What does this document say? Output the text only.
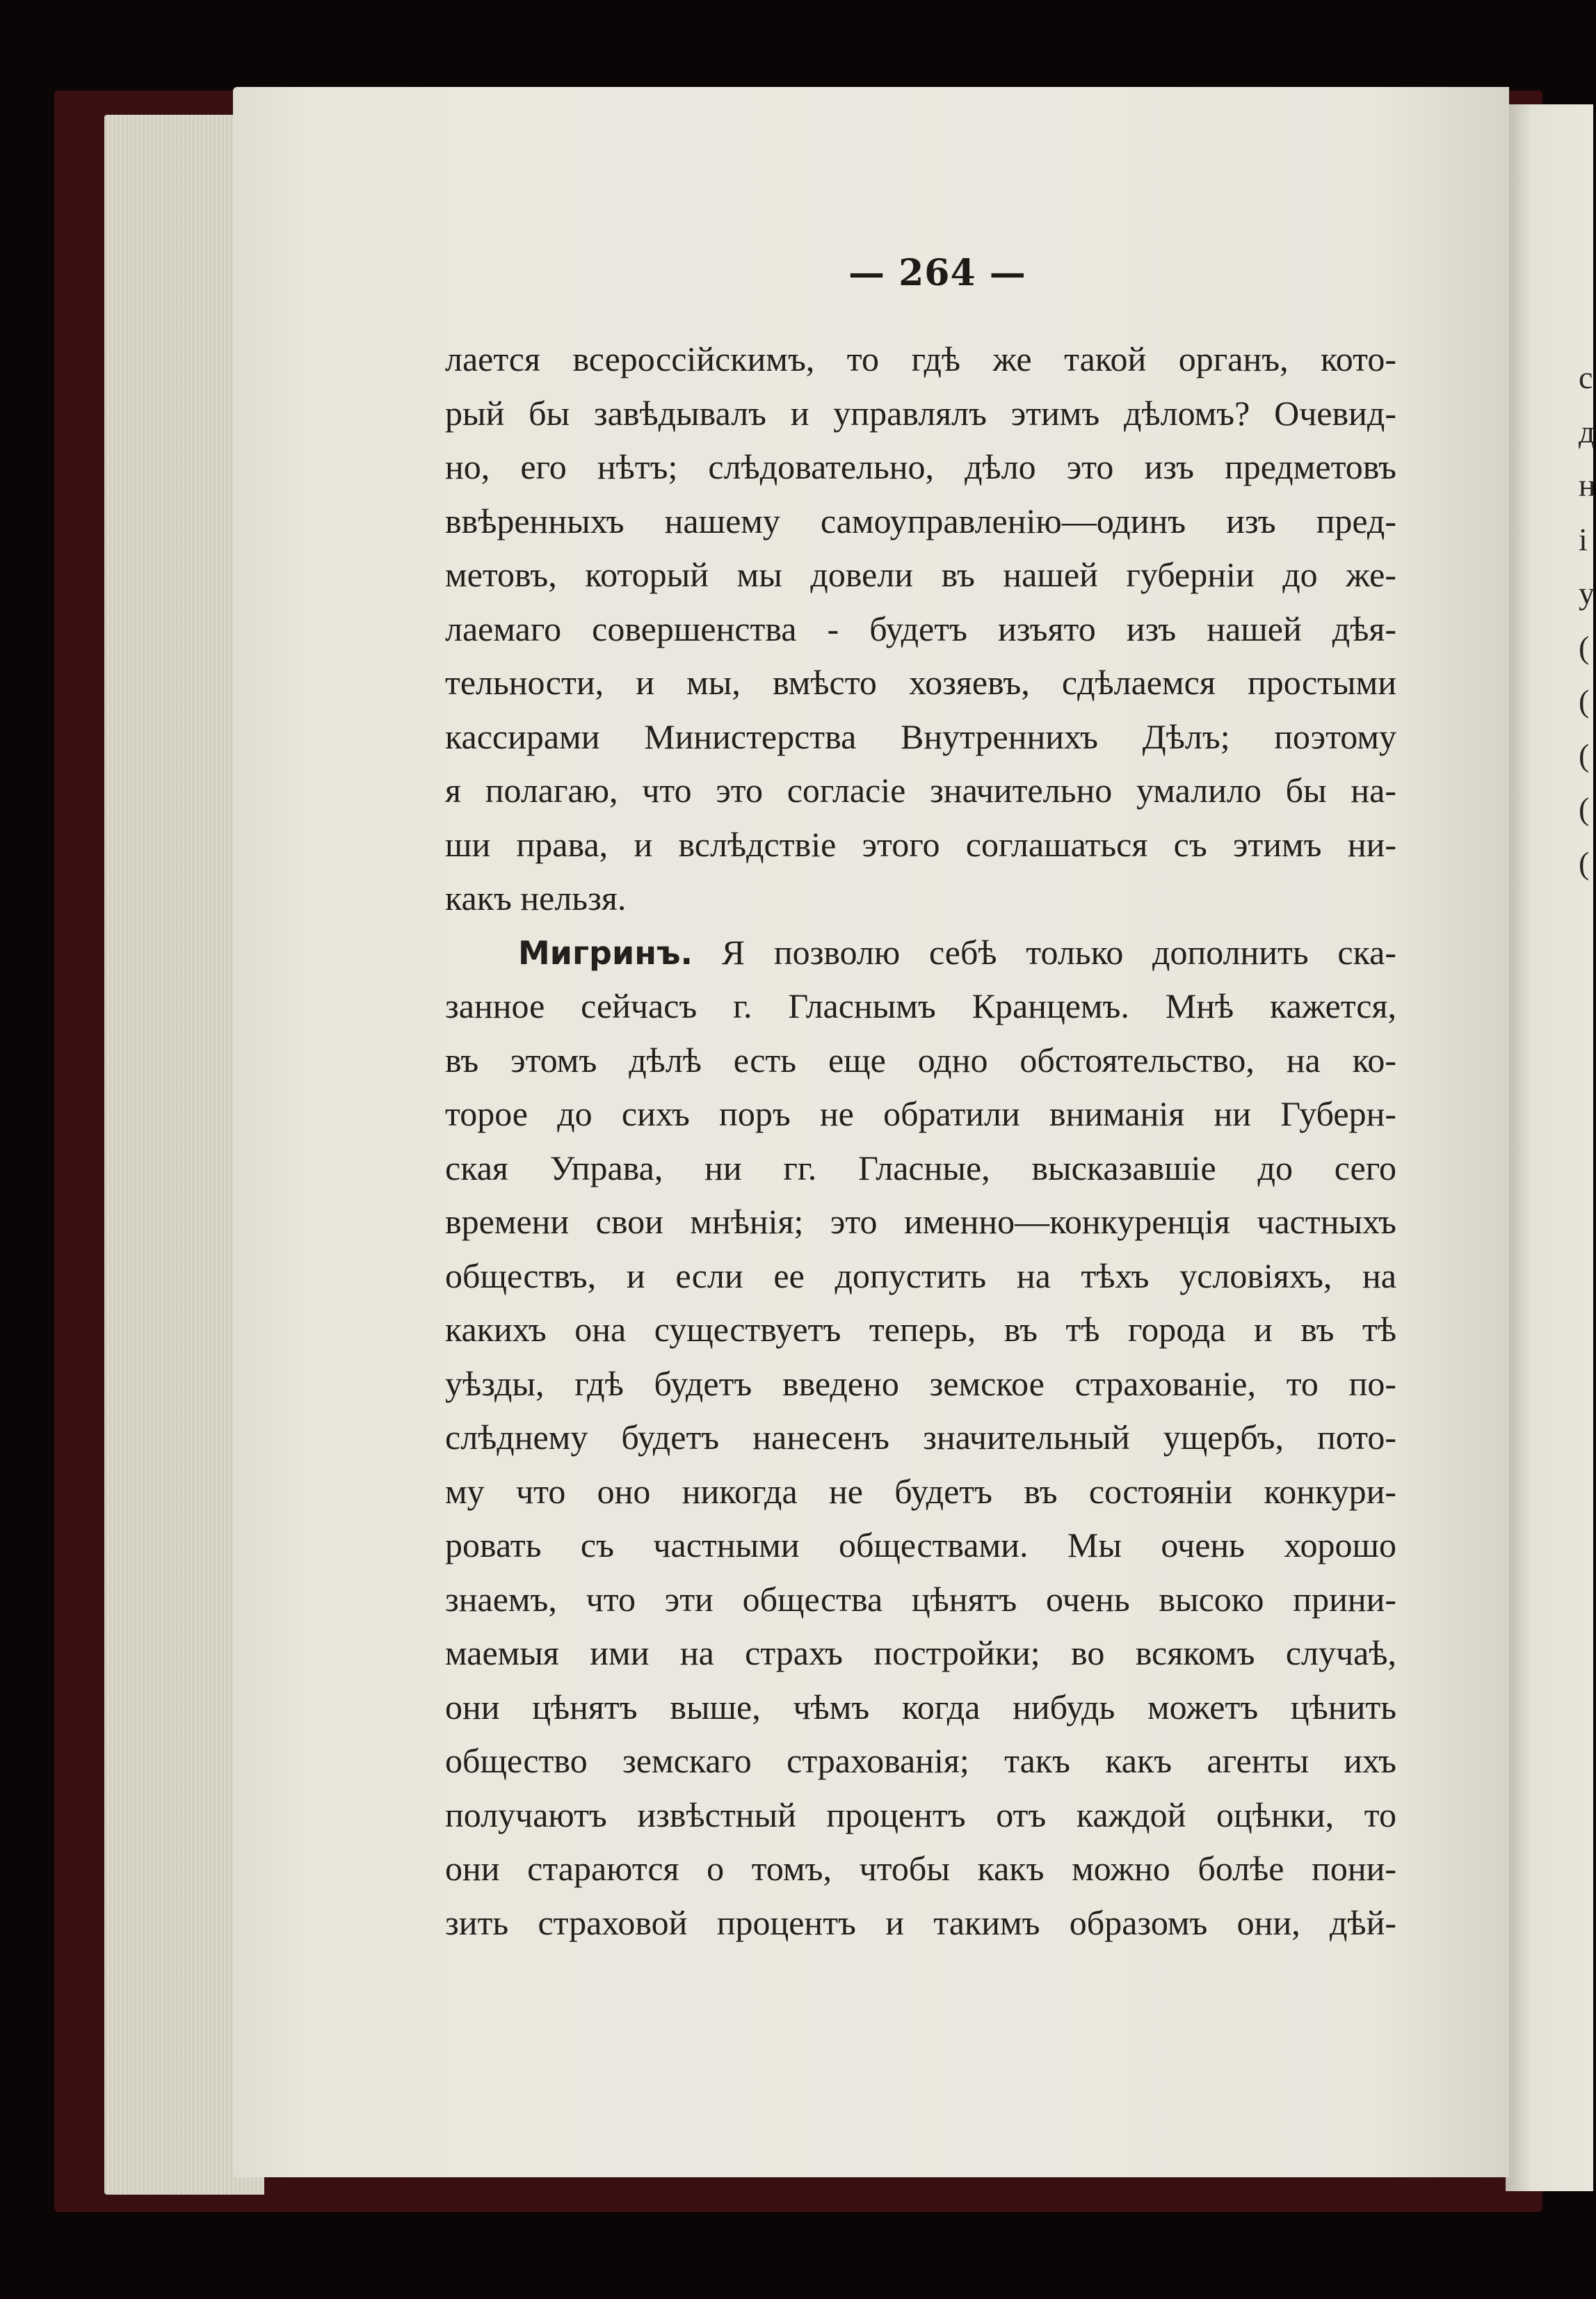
с
д
н
і
у
(
(
(
(
(
— 264 —
лается всероссійскимъ, то гдѣ же такой органъ, кото-
рый бы завѣдывалъ и управлялъ этимъ дѣломъ? Очевид-
но, его нѣтъ; слѣдовательно, дѣло это изъ предметовъ
ввѣренныхъ нашему самоуправленію—одинъ изъ пред-
метовъ, который мы довели въ нашей губерніи до же-
лаемаго совершенства - будетъ изъято изъ нашей дѣя-
тельности, и мы, вмѣсто хозяевъ, сдѣлаемся простыми
кассирами Министерства Внутреннихъ Дѣлъ; поэтому
я полагаю, что это согласіе значительно умалило бы на-
ши права, и вслѣдствіе этого соглашаться съ этимъ ни-
какъ нельзя.
Мигринъ. Я позволю себѣ только дополнить ска-
занное сейчасъ г. Гласнымъ Кранцемъ. Мнѣ кажется,
въ этомъ дѣлѣ есть еще одно обстоятельство, на ко-
торое до сихъ поръ не обратили вниманія ни Губерн-
ская Управа, ни гг. Гласные, высказавшіе до сего
времени свои мнѣнія; это именно—конкуренція частныхъ
обществъ, и если ее допустить на тѣхъ условіяхъ, на
какихъ она существуетъ теперь, въ тѣ города и въ тѣ
уѣзды, гдѣ будетъ введено земское страхованіе, то по-
слѣднему будетъ нанесенъ значительный ущербъ, пото-
му что оно никогда не будетъ въ состояніи конкури-
ровать съ частными обществами. Мы очень хорошо
знаемъ, что эти общества цѣнятъ очень высоко прини-
маемыя ими на страхъ постройки; во всякомъ случаѣ,
они цѣнятъ выше, чѣмъ когда нибудь можетъ цѣнить
общество земскаго страхованія; такъ какъ агенты ихъ
получаютъ извѣстный процентъ отъ каждой оцѣнки, то
они стараются о томъ, чтобы какъ можно болѣе пони-
зить страховой процентъ и такимъ образомъ они, дѣй-
